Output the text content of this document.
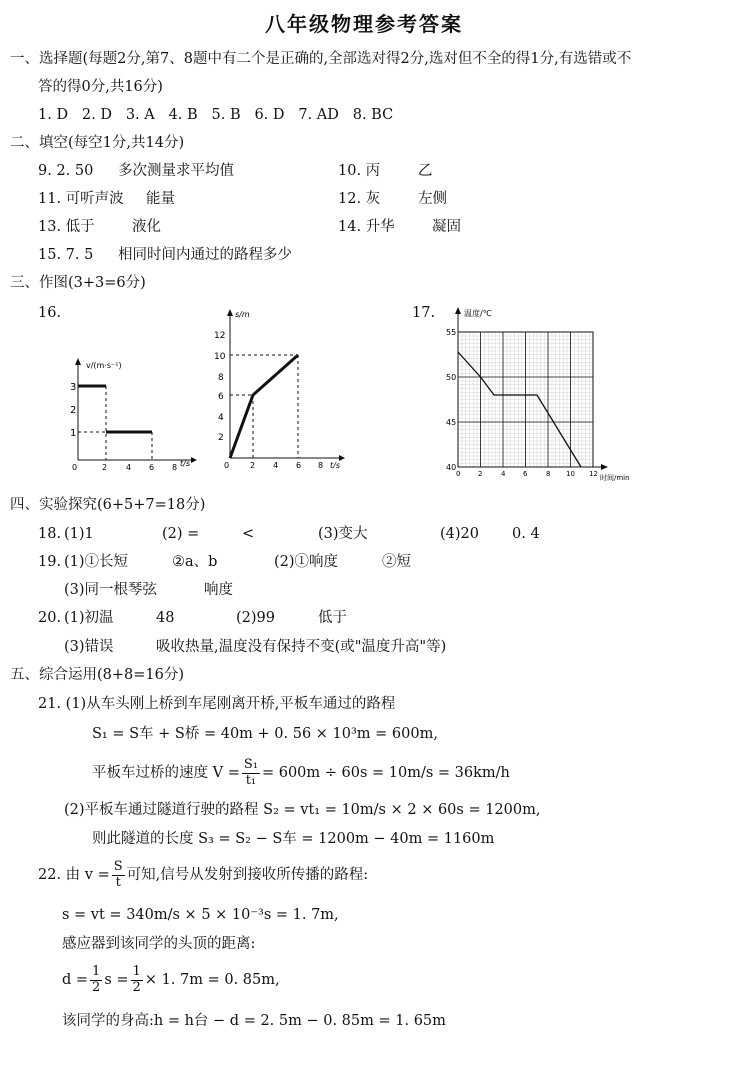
八年级物理参考答案
一、选择题(每题2分,第7、8题中有二个是正确的,全部选对得2分,选对但不全的得1分,有选错或不
答的得0分,共16分)
1. D 2. D 3. A 4. B 5. B 6. D 7. AD 8. BC
二、填空(每空1分,共14分)
9. 2. 50 多次测量求平均值	10. 丙	乙
11. 可听声波 能量	12. 灰	左侧
13. 低于	液化	14. 升华	凝固
15. 7. 5 相同时间内通过的路程多少
三、作图(3+3=6分)
16.	17.
v/(m·s⁻¹)
3
2
1
0	2 4 6 8 t/s
s/m
12
10
8
6
4
2
0	2 4 6 8 t/s
温度/℃
55
50
45
40
0	2	4	6	8 10 12 时间/min
四、实验探究(6+5+7=18分)
18. (1)1	(2) =	<	(3)变大	(4)20 0. 4
19. (1)①长短	②a、b	(2)①响度	②短
(3)同一根琴弦	响度
20. (1)初温	48	(2)99	低于
(3)错误	吸收热量,温度没有保持不变(或"温度升高"等)
五、综合运用(8+8=16分)
21. (1)从车头刚上桥到车尾刚离开桥,平板车通过的路程
S₁ = S车 + S桥 = 40m + 0. 56 × 10³m = 600m,
平板车过桥的速度 $V = \frac{\text{S₁}}{\text{t₁}} = 600m \div 60s = 10m/s = 36km/h$
(2)平板车通过隧道行驶的路程 S₂ = vt₁ = 10m/s × 2 × 60s = 1200m,
则此隧道的长度 S₃ = S₂ − S车 = 1200m − 40m = 1160m
22. 由 $v = \frac{S}{t}$ 可知,信号从发射到接收所传播的路程:
s = vt = 340m/s × 5 × 10⁻³s = 1. 7m,
感应器到该同学的头顶的距离:
$d = \frac{1}{2}$ $s = \frac{1}{2} \times 1$. 7m = 0. 85m,
该同学的身高:h = h台 − d = 2. 5m − 0. 85m = 1. 65m
